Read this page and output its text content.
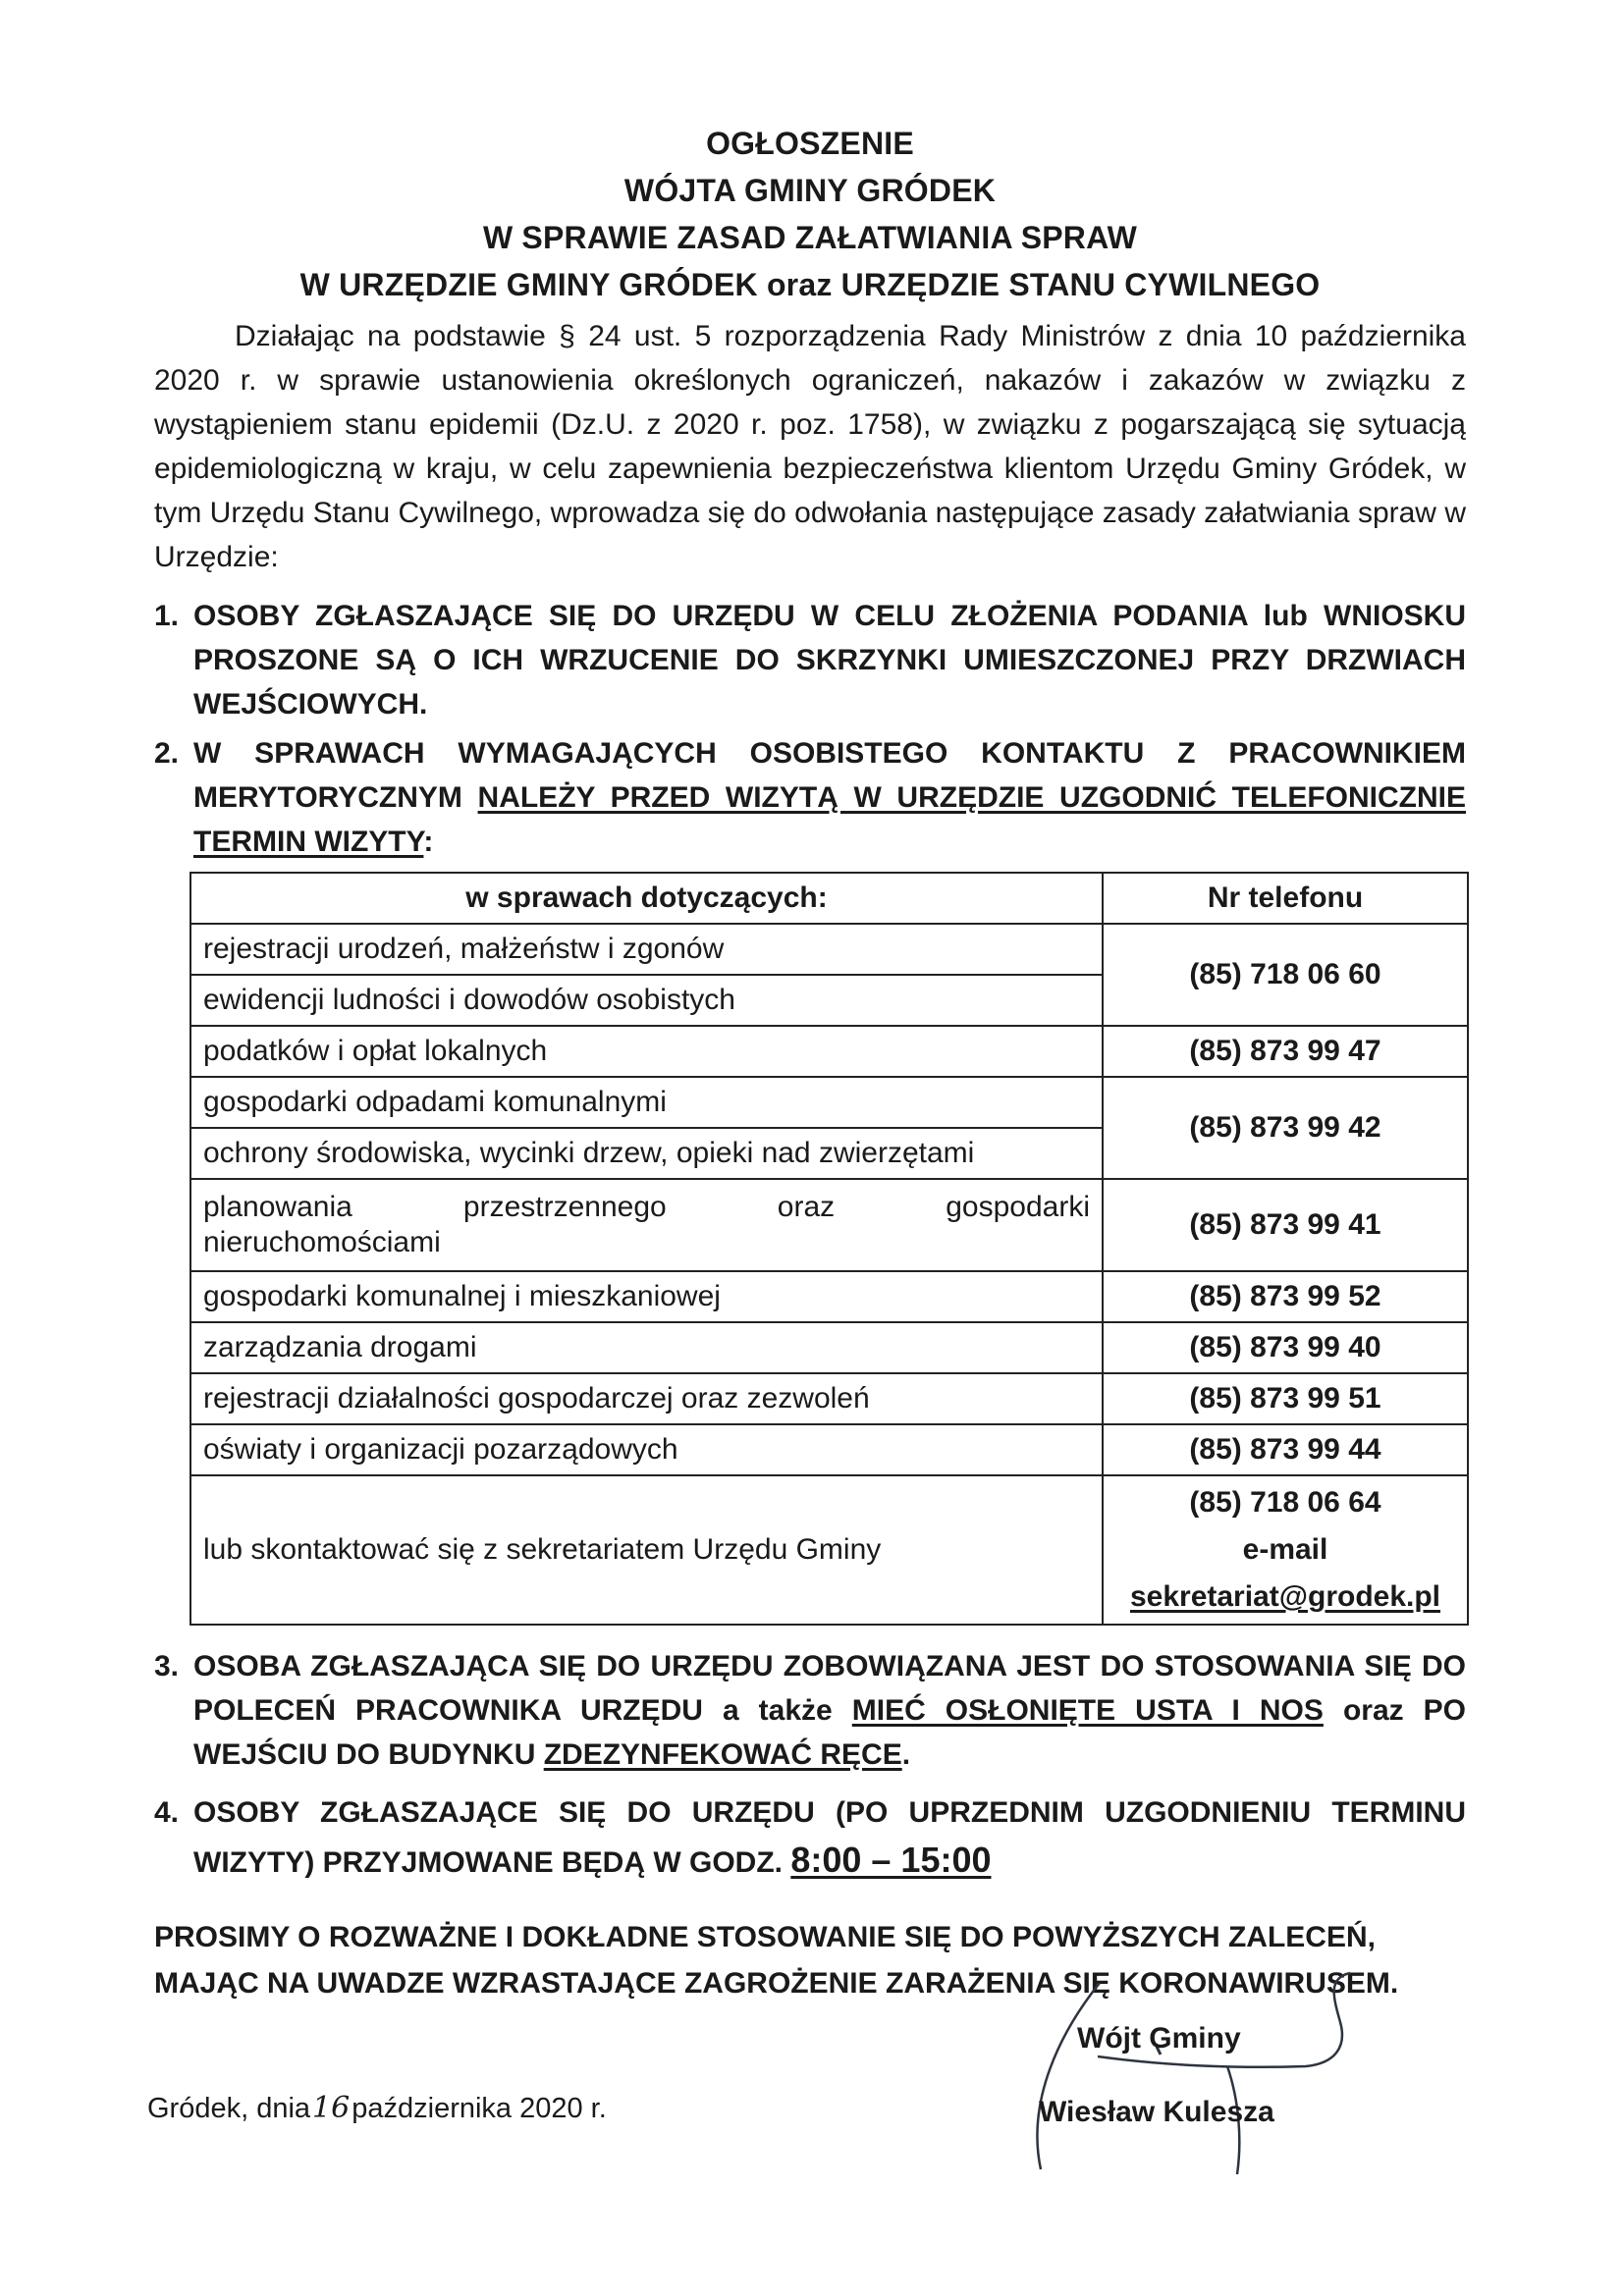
OGŁOSZENIE
WÓJTA GMINY GRÓDEK
W SPRAWIE ZASAD ZAŁATWIANIA SPRAW
W URZĘDZIE GMINY GRÓDEK oraz URZĘDZIE STANU CYWILNEGO
Działając na podstawie § 24 ust. 5 rozporządzenia Rady Ministrów z dnia 10 października 2020 r. w sprawie ustanowienia określonych ograniczeń, nakazów i zakazów w związku z wystąpieniem stanu epidemii (Dz.U. z 2020 r. poz. 1758), w związku z pogarszającą się sytuacją epidemiologiczną w kraju, w celu zapewnienia bezpieczeństwa klientom Urzędu Gminy Gródek, w tym Urzędu Stanu Cywilnego, wprowadza się do odwołania następujące zasady załatwiania spraw w Urzędzie:
1. OSOBY ZGŁASZAJĄCE SIĘ DO URZĘDU W CELU ZŁOŻENIA PODANIA lub WNIOSKU PROSZONE SĄ O ICH WRZUCENIE DO SKRZYNKI UMIESZCZONEJ PRZY DRZWIACH WEJŚCIOWYCH.
2. W SPRAWACH WYMAGAJĄCYCH OSOBISTEGO KONTAKTU Z PRACOWNIKIEM MERYTORYCZNYM NALEŻY PRZED WIZYTĄ W URZĘDZIE UZGODNIĆ TELEFONICZNIE TERMIN WIZYTY:
w sprawach dotyczących:	Nr telefonu
rejestracji urodzeń, małżeństw i zgonów	(85) 718 06 60
ewidencji ludności i dowodów osobistych	
podatków i opłat lokalnych	(85) 873 99 47
gospodarki odpadami komunalnymi	(85) 873 99 42
ochrony środowiska, wycinki drzew, opieki nad zwierzętami	

planowania przestrzennego oraz gospodarki
nieruchomościami	(85) 873 99 41
gospodarki komunalnej i mieszkaniowej	(85) 873 99 52
zarządzania drogami	(85) 873 99 40
rejestracji działalności gospodarczej oraz zezwoleń	(85) 873 99 51
oświaty i organizacji pozarządowych	(85) 873 99 44
lub skontaktować się z sekretariatem Urzędu Gminy	(85) 718 06 64
e-mail
sekretariat@grodek.pl
3. OSOBA ZGŁASZAJĄCA SIĘ DO URZĘDU ZOBOWIĄZANA JEST DO STOSOWANIA SIĘ DO POLECEŃ PRACOWNIKA URZĘDU a także MIEĆ OSŁONIĘTE USTA I NOS oraz PO WEJŚCIU DO BUDYNKU ZDEZYNFEKOWAĆ RĘCE.
4. OSOBY ZGŁASZAJĄCE SIĘ DO URZĘDU (PO UPRZEDNIM UZGODNIENIU TERMINU WIZYTY) PRZYJMOWANE BĘDĄ W GODZ. 8:00 – 15:00
PROSIMY O ROZWAŻNE I DOKŁADNE STOSOWANIE SIĘ DO POWYŻSZYCH ZALECEŃ, MAJĄC NA UWADZE WZRASTAJĄCE ZAGROŻENIE ZARAŻENIA SIĘ KORONAWIRUSEM.
Gródek, dnia16października 2020 r.
Wójt Gminy
Wiesław Kulesza
